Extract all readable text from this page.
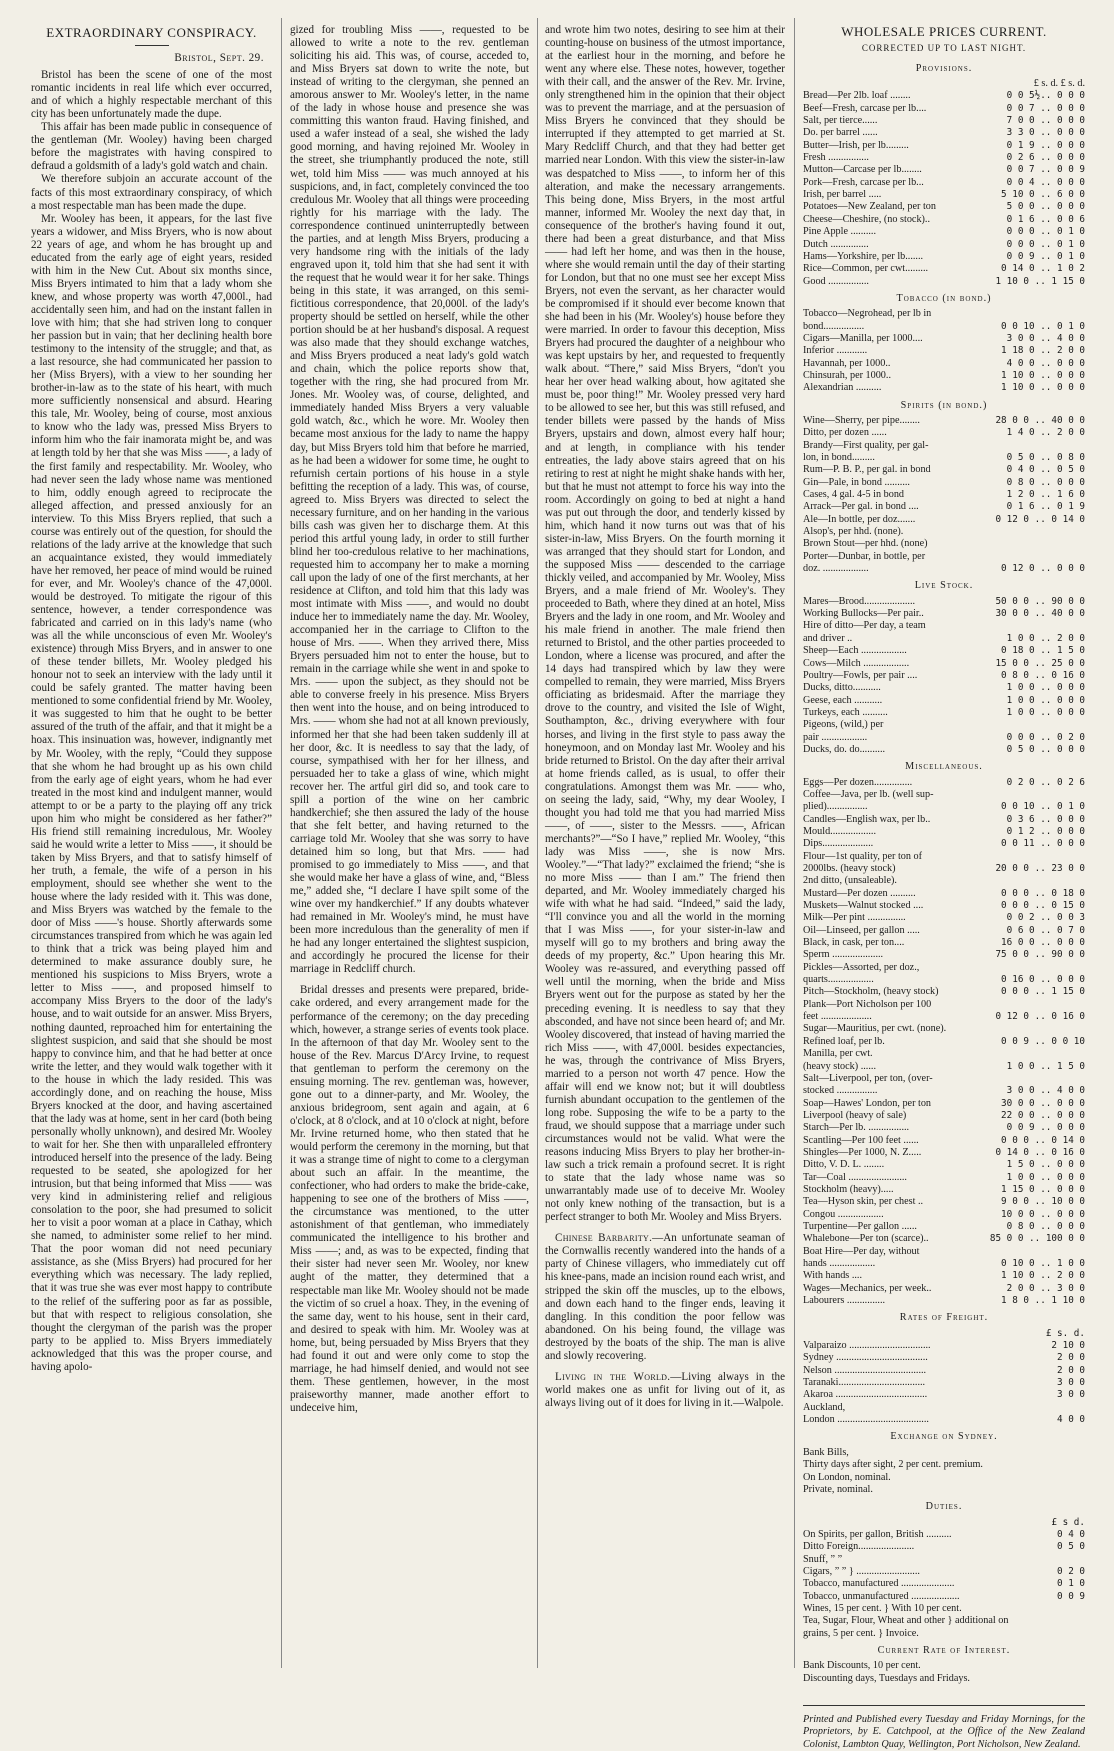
EXTRAORDINARY CONSPIRACY.
Bristol, Sept. 29.

Bristol has been the scene of one of the most romantic incidents in real life which ever occurred, and of which a highly respectable merchant of this city has been unfortunately made the dupe.

This affair has been made public in consequence of the gentleman (Mr. Wooley) having been charged before the magistrates with having conspired to defraud a goldsmith of a lady's gold watch and chain.

We therefore subjoin an accurate account of the facts of this most extraordinary conspiracy, of which a most respectable man has been made the dupe.

Mr. Wooley has been, it appears, for the last five years a widower, and Miss Bryers, who is now about 22 years of age, and whom he has brought up and educated from the early age of eight years, resided with him in the New Cut. About six months since, Miss Bryers intimated to him that a lady whom she knew, and whose property was worth 47,000l., had accidentally seen him, and had on the instant fallen in love with him; that she had striven long to conquer her passion but in vain; that her declining health bore testimony to the intensity of the struggle; and that, as a last resource, she had communicated her passion to her (Miss Bryers), with a view to her sounding her brother-in-law as to the state of his heart, with much more sufficiently nonsensical and absurd. Hearing this tale, Mr. Wooley, being of course, most anxious to know who the lady was, pressed Miss Bryers to inform him who the fair inamorata might be, and was at length told by her that she was Miss ——, a lady of the first family and respectability. Mr. Wooley, who had never seen the lady whose name was mentioned to him, oddly enough agreed to reciprocate the alleged affection, and pressed anxiously for an interview. To this Miss Bryers replied, that such a course was entirely out of the question, for should the relations of the lady arrive at the knowledge that such an acquaintance existed, they would immediately have her removed, her peace of mind would be ruined for ever, and Mr. Wooley's chance of the 47,000l. would be destroyed. To mitigate the rigour of this sentence, however, a tender correspondence was fabricated and carried on in this lady's name (who was all the while unconscious of even Mr. Wooley's existence) through Miss Bryers, and in answer to one of these tender billets, Mr. Wooley pledged his honour not to seek an interview with the lady until it could be safely granted. The matter having been mentioned to some confidential friend by Mr. Wooley, it was suggested to him that he ought to be better assured of the truth of the affair, and that it might be a hoax. This insinuation was, however, indignantly met by Mr. Wooley, with the reply, “Could they suppose that she whom he had brought up as his own child from the early age of eight years, whom he had ever treated in the most kind and indulgent manner, would attempt to or be a party to the playing off any trick upon him who might be considered as her father?” His friend still remaining incredulous, Mr. Wooley said he would write a letter to Miss ——, it should be taken by Miss Bryers, and that to satisfy himself of her truth, a female, the wife of a person in his employment, should see whether she went to the house where the lady resided with it. This was done, and Miss Bryers was watched by the female to the door of Miss ——'s house. Shortly afterwards some circumstances transpired from which he was again led to think that a trick was being played him and determined to make assurance doubly sure, he mentioned his suspicions to Miss Bryers, wrote a letter to Miss ——, and proposed himself to accompany Miss Bryers to the door of the lady's house, and to wait outside for an answer. Miss Bryers, nothing daunted, reproached him for entertaining the slightest suspicion, and said that she should be most happy to convince him, and that he had better at once write the letter, and they would walk together with it to the house in which the lady resided. This was accordingly done, and on reaching the house, Miss Bryers knocked at the door, and having ascertained that the lady was at home, sent in her card (both being personally wholly unknown), and desired Mr. Wooley to wait for her. She then with unparalleled effrontery introduced herself into the presence of the lady. Being requested to be seated, she apologized for her intrusion, but that being informed that Miss —— was very kind in administering relief and religious consolation to the poor, she had presumed to solicit her to visit a poor woman at a place in Cathay, which she named, to administer some relief to her mind. That the poor woman did not need pecuniary assistance, as she (Miss Bryers) had procured for her everything which was necessary. The lady replied, that it was true she was ever most happy to contribute to the relief of the suffering poor as far as possible, but that with respect to religious consolation, she thought the clergyman of the parish was the proper party to be applied to. Miss Bryers immediately acknowledged that this was the proper course, and having apolo-

gized for troubling Miss ——, requested to be allowed to write a note to the rev. gentleman soliciting his aid. This was, of course, acceded to, and Miss Bryers sat down to write the note, but instead of writing to the clergyman, she penned an amorous answer to Mr. Wooley's letter, in the name of the lady in whose house and presence she was committing this wanton fraud. Having finished, and used a wafer instead of a seal, she wished the lady good morning, and having rejoined Mr. Wooley in the street, she triumphantly produced the note, still wet, told him Miss —— was much annoyed at his suspicions, and, in fact, completely convinced the too credulous Mr. Wooley that all things were proceeding rightly for his marriage with the lady. The correspondence continued uninterruptedly between the parties, and at length Miss Bryers, producing a very handsome ring with the initials of the lady engraved upon it, told him that she had sent it with the request that he would wear it for her sake. Things being in this state, it was arranged, on this semi-fictitious correspondence, that 20,000l. of the lady's property should be settled on herself, while the other portion should be at her husband's disposal. A request was also made that they should exchange watches, and Miss Bryers produced a neat lady's gold watch and chain, which the police reports show that, together with the ring, she had procured from Mr. Jones. Mr. Wooley was, of course, delighted, and immediately handed Miss Bryers a very valuable gold watch, &c., which he wore. Mr. Wooley then became most anxious for the lady to name the happy day, but Miss Bryers told him that before he married, as he had been a widower for some time, he ought to refurnish certain portions of his house in a style befitting the reception of a lady. This was, of course, agreed to. Miss Bryers was directed to select the necessary furniture, and on her handing in the various bills cash was given her to discharge them. At this period this artful young lady, in order to still further blind her too-credulous relative to her machinations, requested him to accompany her to make a morning call upon the lady of one of the first merchants, at her residence at Clifton, and told him that this lady was most intimate with Miss ——, and would no doubt induce her to immediately name the day. Mr. Wooley, accompanied her in the carriage to Clifton to the house of Mrs. ——. When they arrived there, Miss Bryers persuaded him not to enter the house, but to remain in the carriage while she went in and spoke to Mrs. —— upon the subject, as they should not be able to converse freely in his presence. Miss Bryers then went into the house, and on being introduced to Mrs. —— whom she had not at all known previously, informed her that she had been taken suddenly ill at her door, &c. It is needless to say that the lady, of course, sympathised with her for her illness, and persuaded her to take a glass of wine, which might recover her. The artful girl did so, and took care to spill a portion of the wine on her cambric handkerchief; she then assured the lady of the house that she felt better, and having returned to the carriage told Mr. Wooley that she was sorry to have detained him so long, but that Mrs. —— had promised to go immediately to Miss ——, and that she would make her have a glass of wine, and, “Bless me,” added she, “I declare I have spilt some of the wine over my handkerchief.” If any doubts whatever had remained in Mr. Wooley's mind, he must have been more incredulous than the generality of men if he had any longer entertained the slightest suspicion, and accordingly he procured the license for their marriage in Redcliff church.

Bridal dresses and presents were prepared, bride-cake ordered, and every arrangement made for the performance of the ceremony; on the day preceding which, however, a strange series of events took place. In the afternoon of that day Mr. Wooley sent to the house of the Rev. Marcus D'Arcy Irvine, to request that gentleman to perform the ceremony on the ensuing morning. The rev. gentleman was, however, gone out to a dinner-party, and Mr. Wooley, the anxious bridegroom, sent again and again, at 6 o'clock, at 8 o'clock, and at 10 o'clock at night, before Mr. Irvine returned home, who then stated that he would perform the ceremony in the morning, but that it was a strange time of night to come to a clergyman about such an affair. In the meantime, the confectioner, who had orders to make the bride-cake, happening to see one of the brothers of Miss ——, the circumstance was mentioned, to the utter astonishment of that gentleman, who immediately communicated the intelligence to his brother and Miss ——; and, as was to be expected, finding that their sister had never seen Mr. Wooley, nor knew aught of the matter, they determined that a respectable man like Mr. Wooley should not be made the victim of so cruel a hoax. They, in the evening of the same day, went to his house, sent in their card, and desired to speak with him. Mr. Wooley was at home, but, being persuaded by Miss Bryers that they had found it out and were only come to stop the marriage, he had himself denied, and would not see them. These gentlemen, however, in the most praiseworthy manner, made another effort to undeceive him,

and wrote him two notes, desiring to see him at their counting-house on business of the utmost importance, at the earliest hour in the morning, and before he went any where else. These notes, however, together with their call, and the answer of the Rev. Mr. Irvine, only strengthened him in the opinion that their object was to prevent the marriage, and at the persuasion of Miss Bryers he convinced that they should be interrupted if they attempted to get married at St. Mary Redcliff Church, and that they had better get married near London. With this view the sister-in-law was despatched to Miss ——, to inform her of this alteration, and make the necessary arrangements. This being done, Miss Bryers, in the most artful manner, informed Mr. Wooley the next day that, in consequence of the brother's having found it out, there had been a great disturbance, and that Miss —— had left her home, and was then in the house, where she would remain until the day of their starting for London, but that no one must see her except Miss Bryers, not even the servant, as her character would be compromised if it should ever become known that she had been in his (Mr. Wooley's) house before they were married. In order to favour this deception, Miss Bryers had procured the daughter of a neighbour who was kept upstairs by her, and requested to frequently walk about. “There,” said Miss Bryers, “don't you hear her over head walking about, how agitated she must be, poor thing!” Mr. Wooley pressed very hard to be allowed to see her, but this was still refused, and tender billets were passed by the hands of Miss Bryers, upstairs and down, almost every half hour; and at length, in compliance with his tender entreaties, the lady above stairs agreed that on his retiring to rest at night he might shake hands with her, but that he must not attempt to force his way into the room. Accordingly on going to bed at night a hand was put out through the door, and tenderly kissed by him, which hand it now turns out was that of his sister-in-law, Miss Bryers. On the fourth morning it was arranged that they should start for London, and the supposed Miss —— descended to the carriage thickly veiled, and accompanied by Mr. Wooley, Miss Bryers, and a male friend of Mr. Wooley's. They proceeded to Bath, where they dined at an hotel, Miss Bryers and the lady in one room, and Mr. Wooley and his male friend in another. The male friend then returned to Bristol, and the other parties proceeded to London, where a license was procured, and after the 14 days had transpired which by law they were compelled to remain, they were married, Miss Bryers officiating as bridesmaid. After the marriage they drove to the country, and visited the Isle of Wight, Southampton, &c., driving everywhere with four horses, and living in the first style to pass away the honeymoon, and on Monday last Mr. Wooley and his bride returned to Bristol. On the day after their arrival at home friends called, as is usual, to offer their congratulations. Amongst them was Mr. —— who, on seeing the lady, said, “Why, my dear Wooley, I thought you had told me that you had married Miss ——, of ——, sister to the Messrs. ——, African merchants?”—“So I have,” replied Mr. Wooley, “this lady was Miss ——, she is now Mrs. Wooley.”—“That lady?” exclaimed the friend; “she is no more Miss —— than I am.” The friend then departed, and Mr. Wooley immediately charged his wife with what he had said. “Indeed,” said the lady, “I'll convince you and all the world in the morning that I was Miss ——, for your sister-in-law and myself will go to my brothers and bring away the deeds of my property, &c.” Upon hearing this Mr. Wooley was re-assured, and everything passed off well until the morning, when the bride and Miss Bryers went out for the purpose as stated by her the preceding evening. It is needless to say that they absconded, and have not since been heard of; and Mr. Wooley discovered, that instead of having married the rich Miss ——, with 47,000l. besides expectancies, he was, through the contrivance of Miss Bryers, married to a person not worth 47 pence. How the affair will end we know not; but it will doubtless furnish abundant occupation to the gentlemen of the long robe. Supposing the wife to be a party to the fraud, we should suppose that a marriage under such circumstances would not be valid. What were the reasons inducing Miss Bryers to play her brother-in-law such a trick remain a profound secret. It is right to state that the lady whose name was so unwarrantably made use of to deceive Mr. Wooley not only knew nothing of the transaction, but is a perfect stranger to both Mr. Wooley and Miss Bryers.

Chinese Barbarity.—An unfortunate seaman of the Cornwallis recently wandered into the hands of a party of Chinese villagers, who immediately cut off his knee-pans, made an incision round each wrist, and stripped the skin off the muscles, up to the elbows, and down each hand to the finger ends, leaving it dangling. In this condition the poor fellow was abandoned. On his being found, the village was destroyed by the boats of the ship. The man is alive and slowly recovering.

Living in the World.—Living always in the world makes one as unfit for living out of it, as always living out of it does for living in it.—Walpole.

WHOLESALE PRICES CURRENT.
CORRECTED UP TO LAST NIGHT.
Provisions.
£ s. d. £ s. d.
Bread—Per 2lb. loaf ........	0 0 5½.. 0 0 0
Beef—Fresh, carcase per lb....	0 0 7 .. 0 0 0
Salt, per tierce......	7 0 0 .. 0 0 0
Do. per barrel ......	3 3 0 .. 0 0 0
Butter—Irish, per lb.........	0 1 9 .. 0 0 0
Fresh ................	0 2 6 .. 0 0 0
Mutton—Carcase per lb........	0 0 7 .. 0 0 9
Pork—Fresh, carcase per lb...	0 0 4 .. 0 0 0
Irish, per barrel .....	5 10 0 .. 6 0 0
Potatoes—New Zealand, per ton	5 0 0 .. 0 0 0
Cheese—Cheshire, (no stock)..	0 1 6 .. 0 0 6
Pine Apple ..........	0 0 0 .. 0 1 0
Dutch ...............	0 0 0 .. 0 1 0
Hams—Yorkshire, per lb.......	0 0 9 .. 0 1 0
Rice—Common, per cwt.........	0 14 0 .. 1 0 2
Good ................	1 10 0 .. 1 15 0
Tobacco (in bond.)
Tobacco—Negrohead, per lb in
bond................	0 0 10 .. 0 1 0
Cigars—Manilla, per 1000....	3 0 0 .. 4 0 0
Inferior ............	1 18 0 .. 2 0 0
Havannah, per 1000..	4 0 0 .. 0 0 0
Chinsurah, per 1000..	1 10 0 .. 0 0 0
Alexandrian ..........	1 10 0 .. 0 0 0
Spirits (in bond.)
Wine—Sherry, per pipe........	28 0 0 .. 40 0 0
Ditto, per dozen ......	1 4 0 .. 2 0 0
Brandy—First quality, per gal-
lon, in bond.........	0 5 0 .. 0 8 0
Rum—P. B. P., per gal. in bond	0 4 0 .. 0 5 0
Gin—Pale, in bond ..........	0 8 0 .. 0 0 0
Cases, 4 gal. 4-5 in bond	1 2 0 .. 1 6 0
Arrack—Per gal. in bond ....	0 1 6 .. 0 1 9
Ale—In bottle, per doz.......	0 12 0 .. 0 14 0
Alsop's, per hhd. (none).
Brown Stout—per hhd. (none)
Porter—Dunbar, in bottle, per
doz. ..................	0 12 0 .. 0 0 0
Live Stock.
Mares—Brood....................	50 0 0 .. 90 0 0
Working Bullocks—Per pair..	30 0 0 .. 40 0 0
Hire of ditto—Per day, a team
and driver ..	1 0 0 .. 2 0 0
Sheep—Each ..................	0 18 0 .. 1 5 0
Cows—Milch ..................	15 0 0 .. 25 0 0
Poultry—Fowls, per pair ....	0 8 0 .. 0 16 0
Ducks, ditto...........	1 0 0 .. 0 0 0
Geese, each ...........	1 0 0 .. 0 0 0
Turkeys, each ..........	1 0 0 .. 0 0 0
Pigeons, (wild,) per
pair ..................	0 0 0 .. 0 2 0
Ducks, do. do..........	0 5 0 .. 0 0 0
Miscellaneous.
Eggs—Per dozen...............	0 2 0 .. 0 2 6
Coffee—Java, per lb. (well sup-
plied)................	0 0 10 .. 0 1 0
Candles—English wax, per lb..	0 3 6 .. 0 0 0
Mould..................	0 1 2 .. 0 0 0
Dips....................	0 0 11 .. 0 0 0
Flour—1st quality, per ton of
2000lbs. (heavy stock)	20 0 0 .. 23 0 0
2nd ditto, (unsaleable).
Mustard—Per dozen ..........	0 0 0 .. 0 18 0
Muskets—Walnut stocked ....	0 0 0 .. 0 15 0
Milk—Per pint ...............	0 0 2 .. 0 0 3
Oil—Linseed, per gallon .....	0 6 0 .. 0 7 0
Black, in cask, per ton....	16 0 0 .. 0 0 0
Sperm ....................	75 0 0 .. 90 0 0
Pickles—Assorted, per doz.,
quarts..................	0 16 0 .. 0 0 0
Pitch—Stockholm, (heavy stock)	0 0 0 .. 1 15 0
Plank—Port Nicholson per 100
feet ....................	0 12 0 .. 0 16 0
Sugar—Mauritius, per cwt. (none).
Refined loaf, per lb.	0 0 9 .. 0 0 10
Manilla, per cwt.
(heavy stock) ......	1 0 0 .. 1 5 0
Salt—Liverpool, per ton, (over-
stocked ................	3 0 0 .. 4 0 0
Soap—Hawes' London, per ton	30 0 0 .. 0 0 0
Liverpool (heavy of sale)	22 0 0 .. 0 0 0
Starch—Per lb. ................	0 0 9 .. 0 0 0
Scantling—Per 100 feet ......	0 0 0 .. 0 14 0
Shingles—Per 1000, N. Z.....	0 14 0 .. 0 16 0
Ditto, V. D. L. ........	1 5 0 .. 0 0 0
Tar—Coal .......................	1 0 0 .. 0 0 0
Stockholm (heavy).....	1 15 0 .. 0 0 0
Tea—Hyson skin, per chest ..	9 0 0 .. 10 0 0
Congou ..................	10 0 0 .. 0 0 0
Turpentine—Per gallon ......	0 8 0 .. 0 0 0
Whalebone—Per ton (scarce)..	85 0 0 .. 100 0 0
Boat Hire—Per day, without
hands ..................	0 10 0 .. 1 0 0
With hands ....	1 10 0 .. 2 0 0
Wages—Mechanics, per week..	2 0 0 .. 3 0 0
Labourers ...............	1 8 0 .. 1 10 0
Rates of Freight.
£ s. d.
Valparaizo ................................	2 10 0
Sydney ....................................	2 0 0
Nelson ....................................	2 0 0
Taranaki..................................	3 0 0
Akaroa ....................................	3 0 0
Auckland,
London ....................................	4 0 0
Exchange on Sydney.
Bank Bills,
Thirty days after sight, 2 per cent. premium.
On London, nominal.
Private, nominal.
Duties.
£ s d.
On Spirits, per gallon, British ..........	0 4 0
Ditto Foreign......................	0 5 0
Snuff, ” ”
Cigars, ” ” } .........................	0 2 0
Tobacco, manufactured .....................	0 1 0
Tobacco, unmanufactured ...................	0 0 9
Wines, 15 per cent. } With 10 per cent.
Tea, Sugar, Flour, Wheat and other } additional on
grains, 5 per cent. } Invoice.
Current Rate of Interest.
Bank Discounts, 10 per cent.
Discounting days, Tuesdays and Fridays.
Printed and Published every Tuesday and Friday Mornings, for the Proprietors, by E. Catchpool, at the Office of the New Zealand Colonist, Lambton Quay, Wellington, Port Nicholson, New Zealand.
